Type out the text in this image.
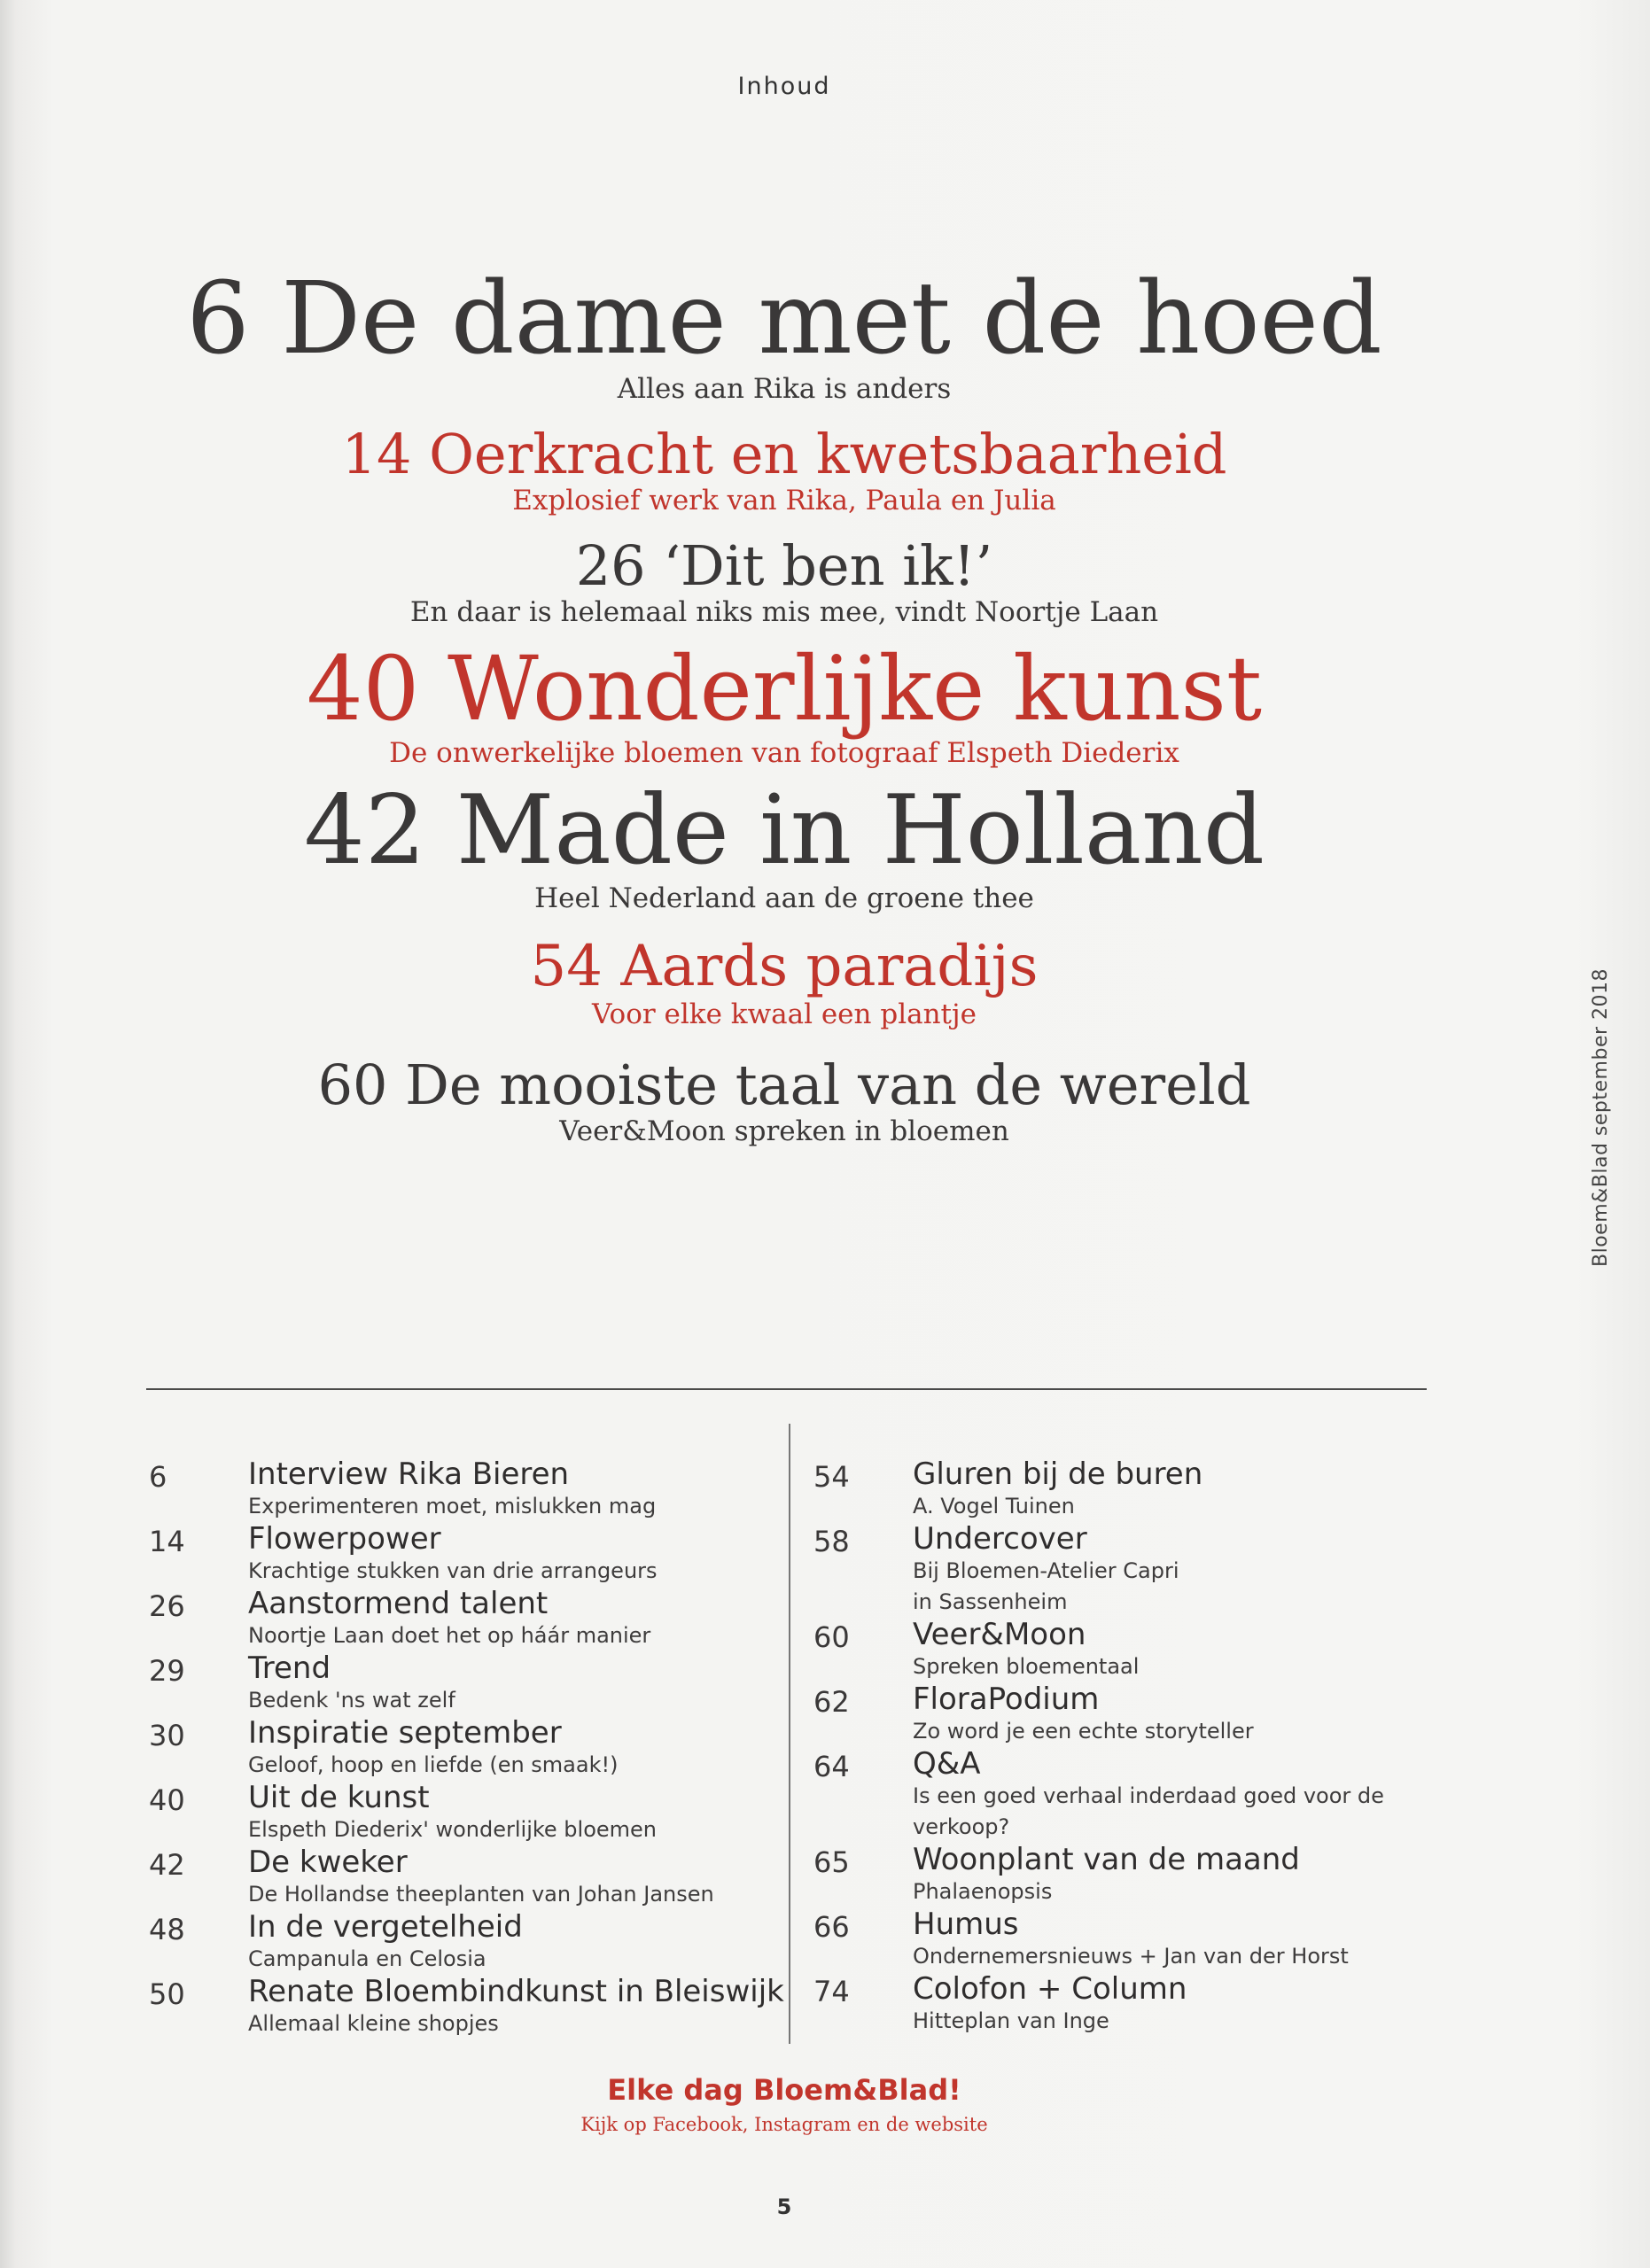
Inhoud
6 De dame met de hoed
Alles aan Rika is anders
14 Oerkracht en kwetsbaarheid
Explosief werk van Rika, Paula en Julia
26 ‘Dit ben ik!’
En daar is helemaal niks mis mee, vindt Noortje Laan
40 Wonderlijke kunst
De onwerkelijke bloemen van fotograaf Elspeth Diederix
42 Made in Holland
Heel Nederland aan de groene thee
54 Aards paradijs
Voor elke kwaal een plantje
60 De mooiste taal van de wereld
Veer&Moon spreken in bloemen	Bloem&Blad september 2018
6	Interview Rika Bieren
Experimenteren moet, mislukken mag
14 Flowerpower
Krachtige stukken van drie arrangeurs
26 Aanstormend talent
Noortje Laan doet het op háár manier
29 Trend
Bedenk 'ns wat zelf
30 Inspiratie september
Geloof, hoop en liefde (en smaak!)
40 Uit de kunst
Elspeth Diederix' wonderlijke bloemen
42 De kweker
De Hollandse theeplanten van Johan Jansen
48 In de vergetelheid
Campanula en Celosia
50 Renate Bloembindkunst in Bleiswijk
Allemaal kleine shopjes
54 Gluren bij de buren
A. Vogel Tuinen
58 Undercover
Bij Bloemen-Atelier Capri
in Sassenheim
60 Veer&Moon
Spreken bloementaal
62 FloraPodium
Zo word je een echte storyteller
64 Q&A
Is een goed verhaal inderdaad goed voor de
verkoop?
65 Woonplant van de maand
Phalaenopsis
66 Humus
Ondernemersnieuws + Jan van der Horst
74 Colofon + Column
Hitteplan van Inge
Elke dag Bloem&Blad!
Kijk op Facebook, Instagram en de website
5
